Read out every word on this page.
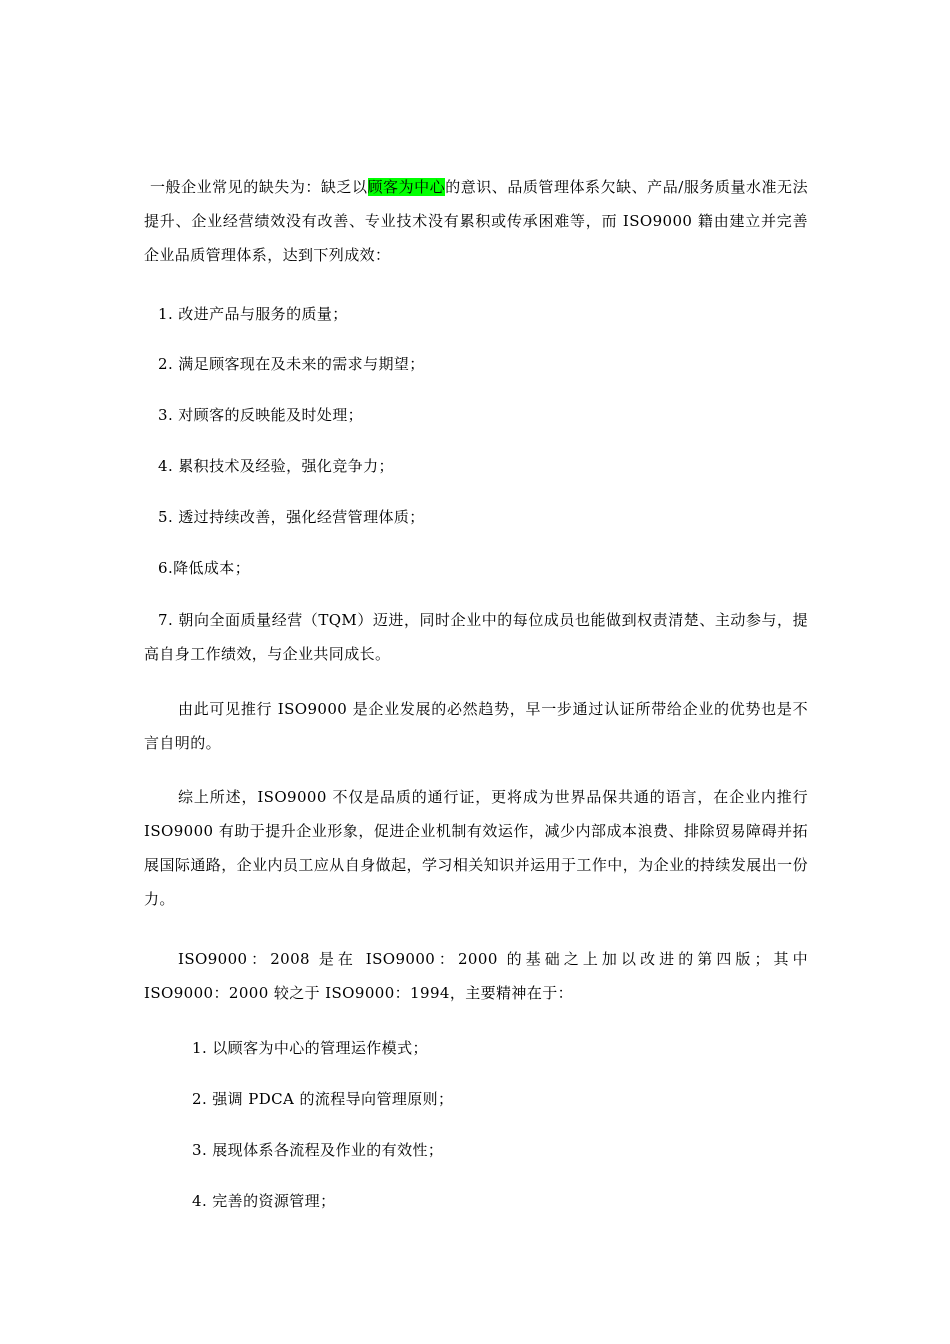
一般企业常见的缺失为：缺乏以顾客为中心的意识、品质管理体系欠缺、产品/服务质量水准无法提升、企业经营绩效没有改善、专业技术没有累积或传承困难等，而 ISO9000 籍由建立并完善企业品质管理体系，达到下列成效：

1. 改进产品与服务的质量；

2. 满足顾客现在及未来的需求与期望；

3. 对顾客的反映能及时处理；

4. 累积技术及经验，强化竞争力；

5. 透过持续改善，强化经营管理体质；

6.降低成本；

7. 朝向全面质量经营（TQM）迈进，同时企业中的每位成员也能做到权责清楚、主动参与，提高自身工作绩效，与企业共同成长。

由此可见推行 ISO9000 是企业发展的必然趋势，早一步通过认证所带给企业的优势也是不言自明的。

综上所述，ISO9000 不仅是品质的通行证，更将成为世界品保共通的语言，在企业内推行 ISO9000 有助于提升企业形象，促进企业机制有效运作，减少内部成本浪费、排除贸易障碍并拓展国际通路，企业内员工应从自身做起，学习相关知识并运用于工作中，为企业的持续发展出一份力。

ISO9000：2008 是在 ISO9000：2000 的基础之上加以改进的第四版；其中 ISO9000：2000 较之于 ISO9000：1994，主要精神在于：

1. 以顾客为中心的管理运作模式；

2. 强调 PDCA 的流程导向管理原则；

3. 展现体系各流程及作业的有效性；

4. 完善的资源管理；
